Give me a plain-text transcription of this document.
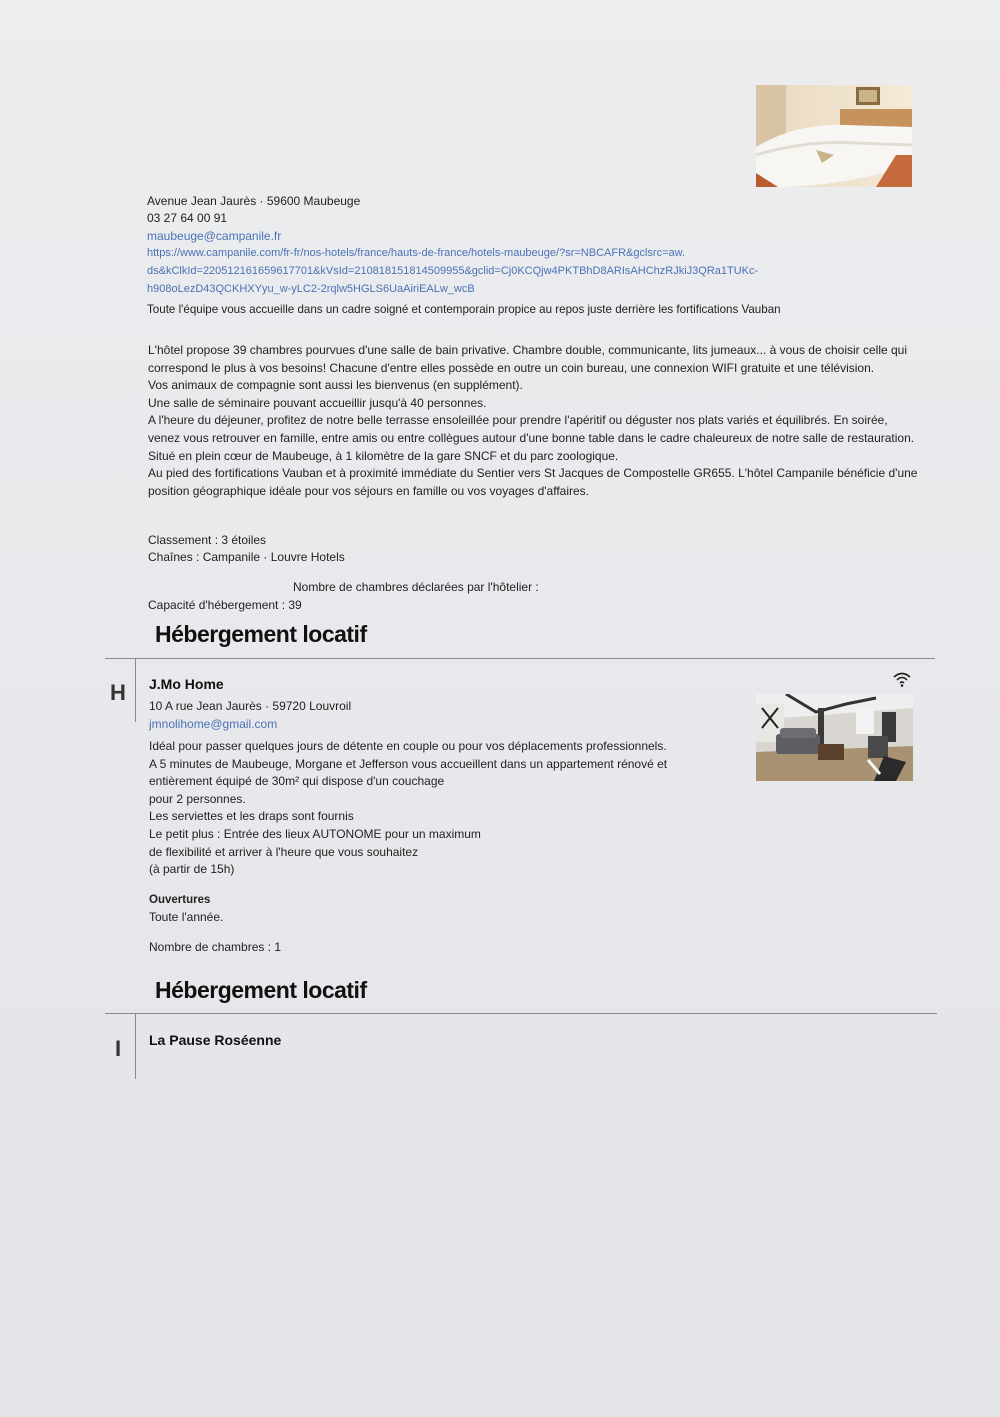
Avenue Jean Jaurès · 59600 Maubeuge
03 27 64 00 91
maubeuge@campanile.fr
https://www.campanile.com/fr-fr/nos-hotels/france/hauts-de-france/hotels-maubeuge/?sr=NBCAFR&gclsrc=aw.
ds&kClkId=220512161659617701&kVsId=210818151814509955&gclid=Cj0KCQjw4PKTBhD8ARIsAHChzRJkiJ3QRa1TUKc-
h908oLezD43QCKHXYyu_w-yLC2-2rqlw5HGLS6UaAiriEALw_wcB
Toute l'équipe vous accueille dans un cadre soigné et contemporain propice au repos juste derrière les fortifications Vauban
L'hôtel propose 39 chambres pourvues d'une salle de bain privative. Chambre double, communicante, lits jumeaux... à vous de choisir celle qui correspond le plus à vos besoins! Chacune d'entre elles possède en outre un coin bureau, une connexion WIFI gratuite et une télévision.
Vos animaux de compagnie sont aussi les bienvenus (en supplément).
Une salle de séminaire pouvant accueillir jusqu'à 40 personnes.
A l'heure du déjeuner, profitez de notre belle terrasse ensoleillée pour prendre l'apéritif ou déguster nos plats variés et équilibrés. En soirée, venez vous retrouver en famille, entre amis ou entre collègues autour d'une bonne table dans le cadre chaleureux de notre salle de restauration.
Situé en plein cœur de Maubeuge, à 1 kilomètre de la gare SNCF et du parc zoologique.
Au pied des fortifications Vauban et à proximité immédiate du Sentier vers St Jacques de Compostelle GR655. L'hôtel Campanile bénéficie d'une position géographique idéale pour vos séjours en famille ou vos voyages d'affaires.
Classement : 3 étoiles
Chaînes : Campanile · Louvre Hotels
Nombre de chambres déclarées par l'hôtelier :
Capacité d'hébergement : 39
Hébergement locatif
H J.Mo Home
10 A rue Jean Jaurès · 59720 Louvroil
jmnolihome@gmail.com
Idéal pour passer quelques jours de détente en couple ou pour vos déplacements professionnels.
A 5 minutes de Maubeuge, Morgane et Jefferson vous accueillent dans un appartement rénové et
entièrement équipé de 30m² qui dispose d'un couchage
pour 2 personnes.
Les serviettes et les draps sont fournis
Le petit plus : Entrée des lieux AUTONOME pour un maximum
de flexibilité et arriver à l'heure que vous souhaitez
(à partir de 15h)
Ouvertures
Toute l'année.
Nombre de chambres : 1
Hébergement locatif
I La Pause Roséenne
